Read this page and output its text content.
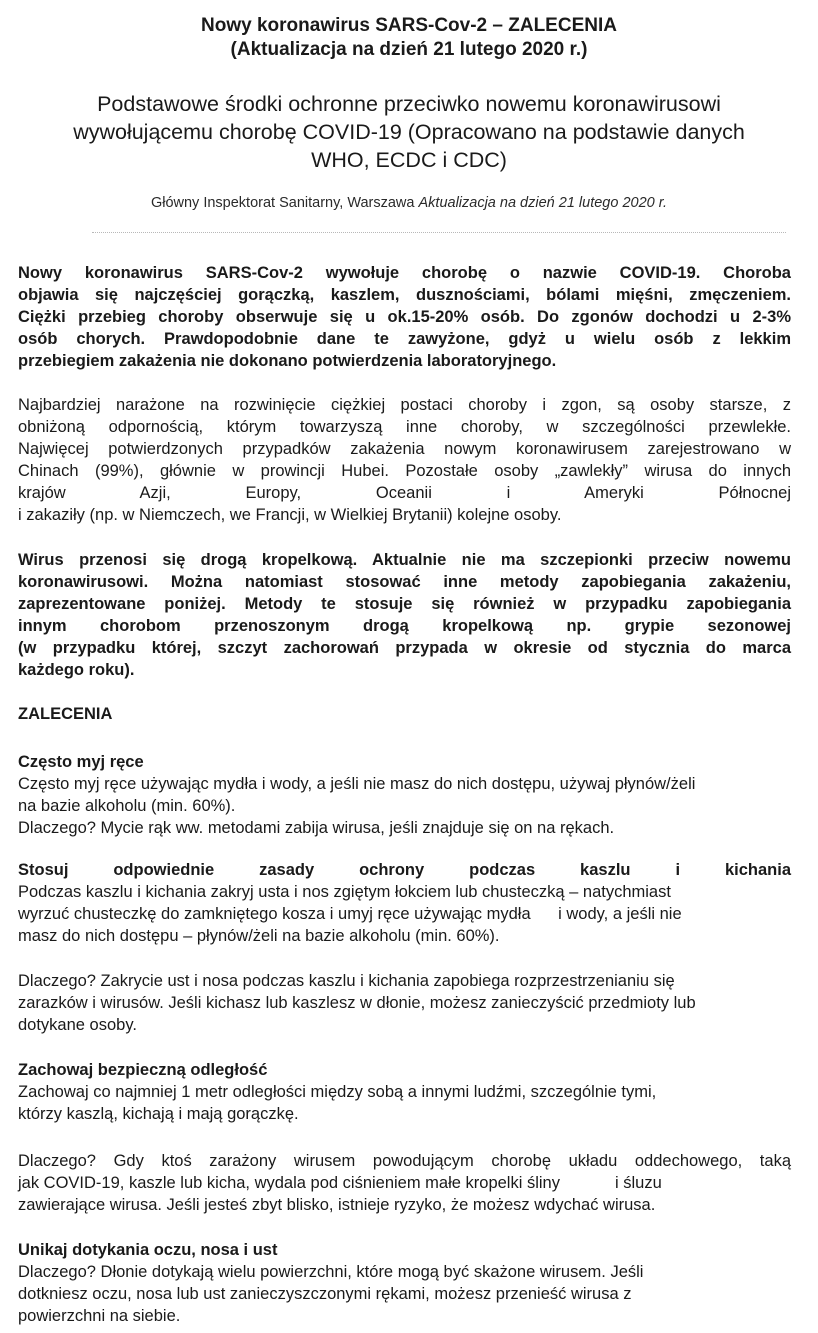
Nowy koronawirus SARS-Cov-2 – ZALECENIA
(Aktualizacja na dzień 21 lutego 2020 r.)
Podstawowe środki ochronne przeciwko nowemu koronawirusowi
wywołującemu chorobę COVID-19 (Opracowano na podstawie danych
WHO, ECDC i CDC)
Główny Inspektorat Sanitarny, Warszawa Aktualizacja na dzień 21 lutego 2020 r.
Nowy koronawirus SARS-Cov-2 wywołuje chorobę o nazwie COVID-19. Choroba
objawia się najczęściej gorączką, kaszlem, dusznościami, bólami mięśni, zmęczeniem.
Ciężki przebieg choroby obserwuje się u ok.15-20% osób. Do zgonów dochodzi u 2-3%
osób chorych. Prawdopodobnie dane te zawyżone, gdyż u wielu osób z lekkim
przebiegiem zakażenia nie dokonano potwierdzenia laboratoryjnego.
Najbardziej narażone na rozwinięcie ciężkiej postaci choroby i zgon, są osoby starsze, z
obniżoną odpornością, którym towarzyszą inne choroby, w szczególności przewlekłe.
Najwięcej potwierdzonych przypadków zakażenia nowym koronawirusem zarejestrowano w
Chinach (99%), głównie w prowincji Hubei. Pozostałe osoby „zawlekły” wirusa do innych
krajów Azji, Europy, Oceanii i Ameryki Północnej
i zakaziły (np. w Niemczech, we Francji, w Wielkiej Brytanii) kolejne osoby.
Wirus przenosi się drogą kropelkową. Aktualnie nie ma szczepionki przeciw nowemu
koronawirusowi. Można natomiast stosować inne metody zapobiegania zakażeniu,
zaprezentowane poniżej. Metody te stosuje się również w przypadku zapobiegania
innym chorobom przenoszonym drogą kropelkową np. grypie sezonowej
(w przypadku której, szczyt zachorowań przypada w okresie od stycznia do marca
każdego roku).
ZALECENIA
Często myj ręce
Często myj ręce używając mydła i wody, a jeśli nie masz do nich dostępu, używaj płynów/żeli
na bazie alkoholu (min. 60%).
Dlaczego? Mycie rąk ww. metodami zabija wirusa, jeśli znajduje się on na rękach.
Stosuj odpowiednie zasady ochrony podczas kaszlu i kichania
Podczas kaszlu i kichania zakryj usta i nos zgiętym łokciem lub chusteczką – natychmiast
wyrzuć chusteczkę do zamkniętego kosza i umyj ręce używając mydła      i wody, a jeśli nie
masz do nich dostępu – płynów/żeli na bazie alkoholu (min. 60%).
Dlaczego? Zakrycie ust i nosa podczas kaszlu i kichania zapobiega rozprzestrzenianiu się
zarazków i wirusów. Jeśli kichasz lub kaszlesz w dłonie, możesz zanieczyścić przedmioty lub
dotykane osoby.
Zachowaj bezpieczną odległość
Zachowaj co najmniej 1 metr odległości między sobą a innymi ludźmi, szczególnie tymi,
którzy kaszlą, kichają i mają gorączkę.
Dlaczego? Gdy ktoś zarażony wirusem powodującym chorobę układu oddechowego, taką
jak COVID-19, kaszle lub kicha, wydala pod ciśnieniem małe kropelki śliny            i śluzu
zawierające wirusa. Jeśli jesteś zbyt blisko, istnieje ryzyko, że możesz wdychać wirusa.
Unikaj dotykania oczu, nosa i ust
Dlaczego? Dłonie dotykają wielu powierzchni, które mogą być skażone wirusem. Jeśli
dotkniesz oczu, nosa lub ust zanieczyszczonymi rękami, możesz przenieść wirusa z
powierzchni na siebie.
